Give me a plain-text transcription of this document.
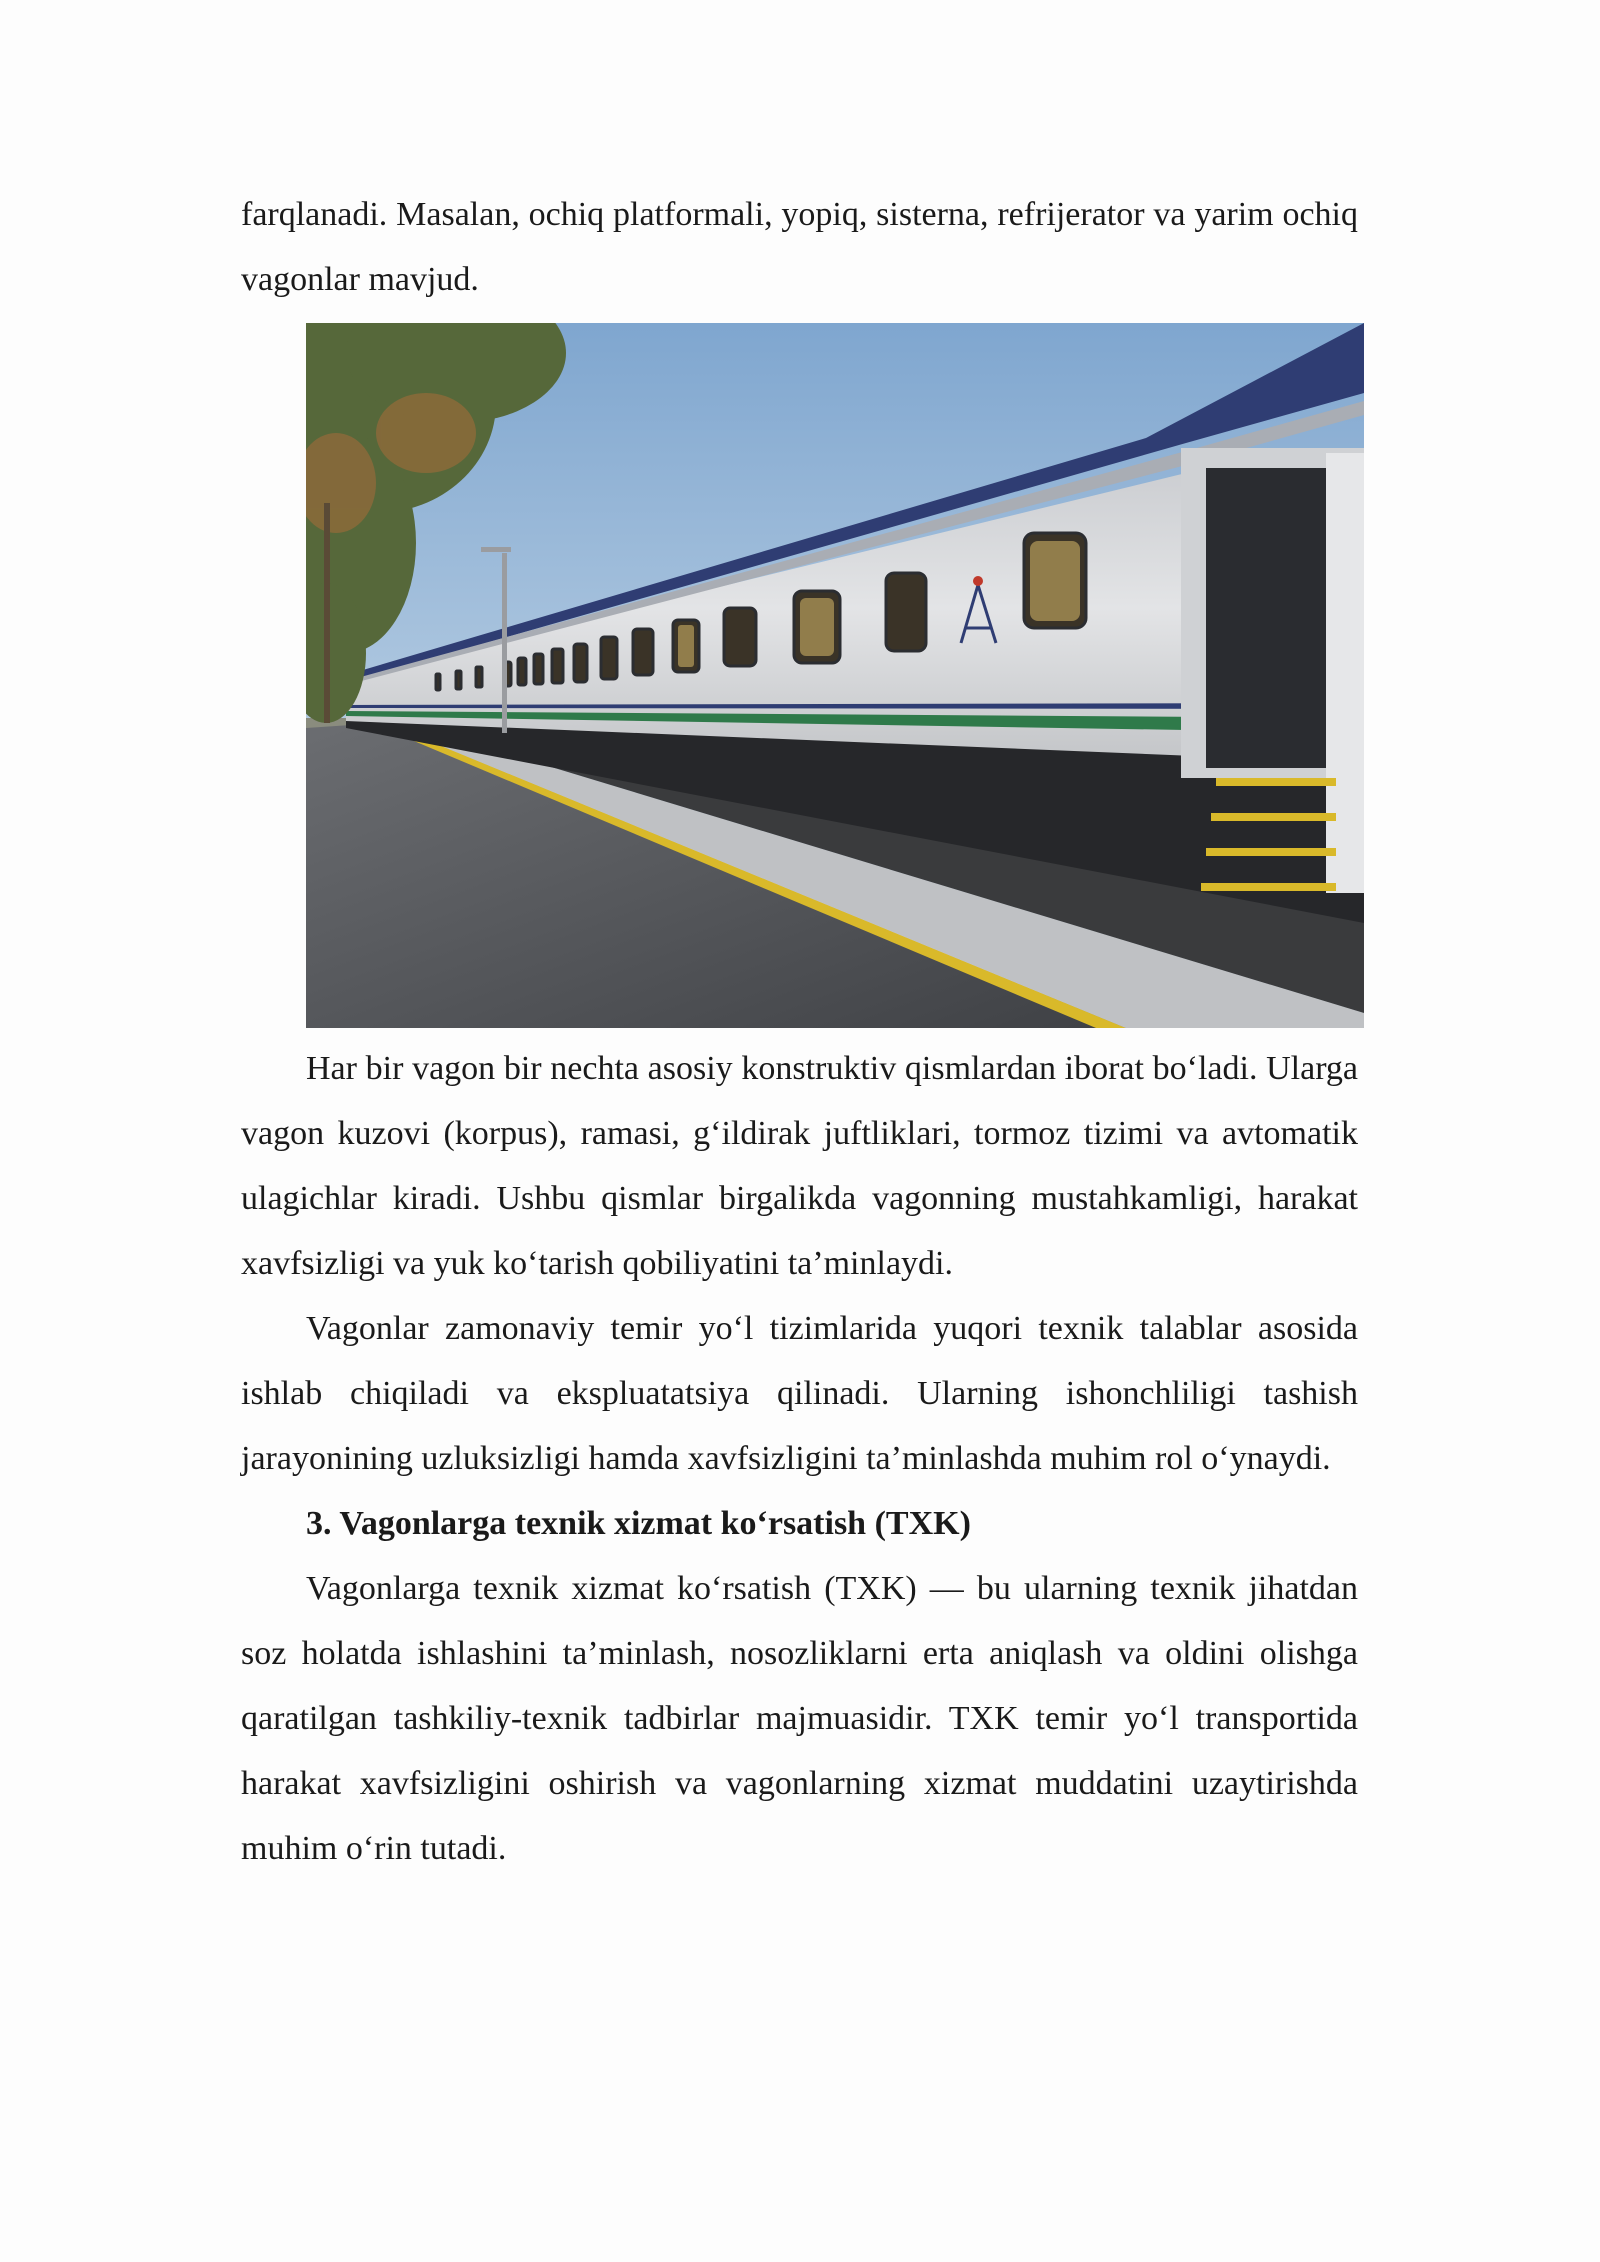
farqlanadi. Masalan, ochiq platformali, yopiq, sisterna, refrijerator va yarim ochiq vagonlar mavjud.

Har bir vagon bir nechta asosiy konstruktiv qismlardan iborat bo‘ladi. Ularga vagon kuzovi (korpus), ramasi, g‘ildirak juftliklari, tormoz tizimi va avtomatik ulagichlar kiradi. Ushbu qismlar birgalikda vagonning mustahkamligi, harakat xavfsizligi va yuk ko‘tarish qobiliyatini ta’minlaydi.

Vagonlar zamonaviy temir yo‘l tizimlarida yuqori texnik talablar asosida ishlab chiqiladi va ekspluatatsiya qilinadi. Ularning ishonchliligi tashish jarayonining uzluksizligi hamda xavfsizligini ta’minlashda muhim rol o‘ynaydi.

3. Vagonlarga texnik xizmat ko‘rsatish (TXK)

Vagonlarga texnik xizmat ko‘rsatish (TXK) — bu ularning texnik jihatdan soz holatda ishlashini ta’minlash, nosozliklarni erta aniqlash va oldini olishga qaratilgan tashkiliy-texnik tadbirlar majmuasidir. TXK temir yo‘l transportida harakat xavfsizligini oshirish va vagonlarning xizmat muddatini uzaytirishda muhim o‘rin tutadi.
